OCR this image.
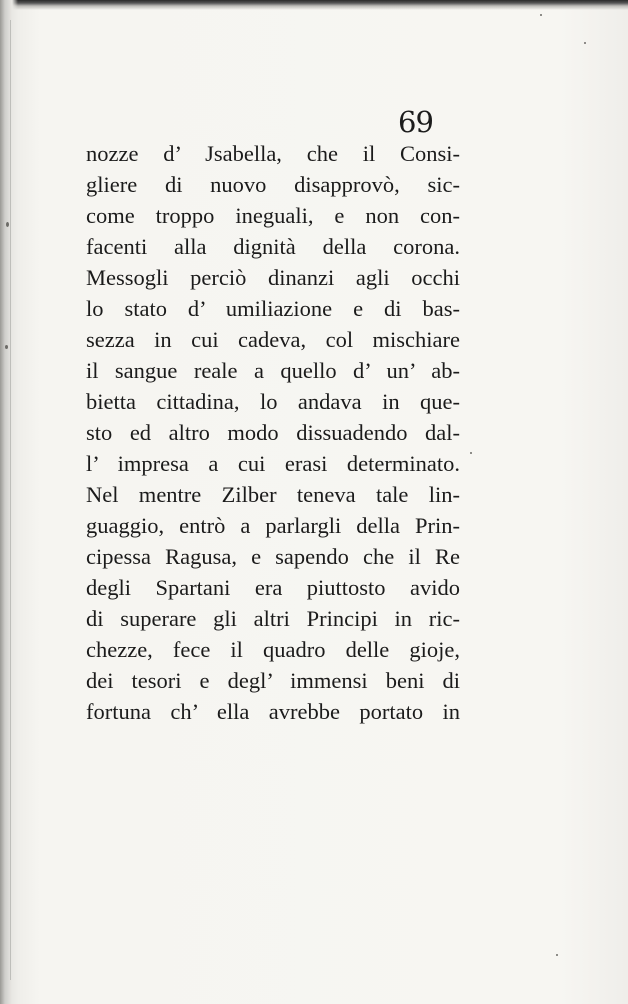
69
nozze d’ Jsabella, che il Consi-
gliere di nuovo disapprovò, sic-
come troppo ineguali, e non con-
facenti alla dignità della corona.
Messogli perciò dinanzi agli occhi
lo stato d’ umiliazione e di bas-
sezza in cui cadeva, col mischiare
il sangue reale a quello d’ un’ ab-
bietta cittadina, lo andava in que-
sto ed altro modo dissuadendo dal-
l’ impresa a cui erasi determinato.
Nel mentre Zilber teneva tale lin-
guaggio, entrò a parlargli della Prin-
cipessa Ragusa, e sapendo che il Re
degli Spartani era piuttosto avido
di superare gli altri Principi in ric-
chezze, fece il quadro delle gioje,
dei tesori e degl’ immensi beni di
fortuna ch’ ella avrebbe portato in
